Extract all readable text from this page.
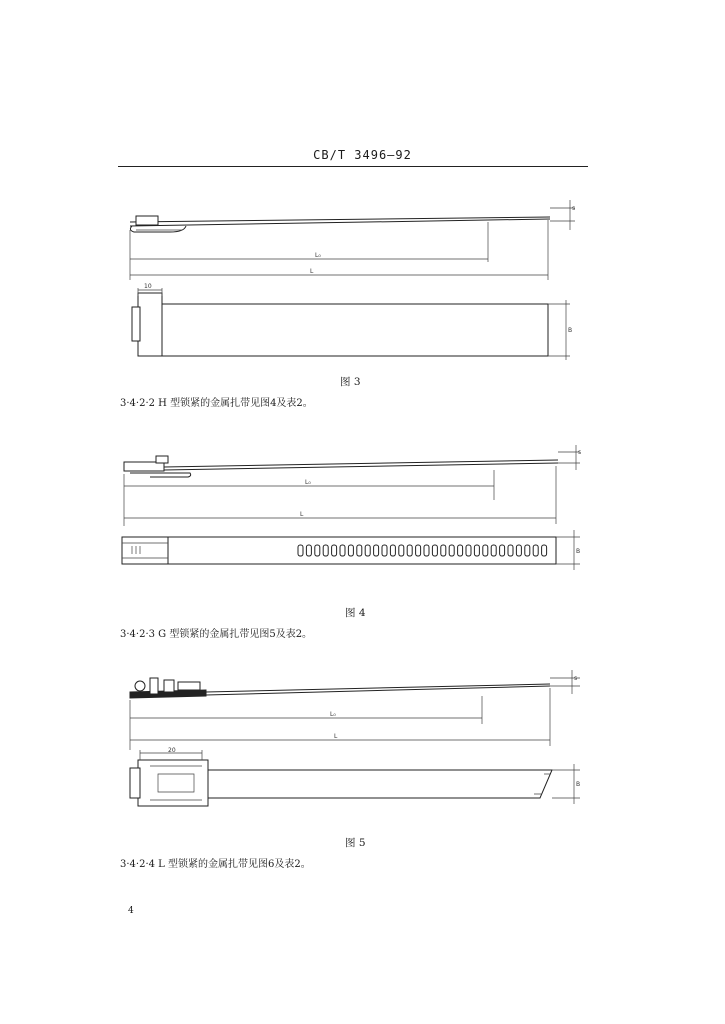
CB/T 3496—92
s
L₀
L
10
B
图 3
3·4·2·2 H 型锁紧的金属扎带见图4及表2。
s
L₀
L
B
图 4
3·4·2·3 G 型锁紧的金属扎带见图5及表2。
s
L₀
L
20
B
图 5
3·4·2·4 L 型锁紧的金属扎带见图6及表2。
4
